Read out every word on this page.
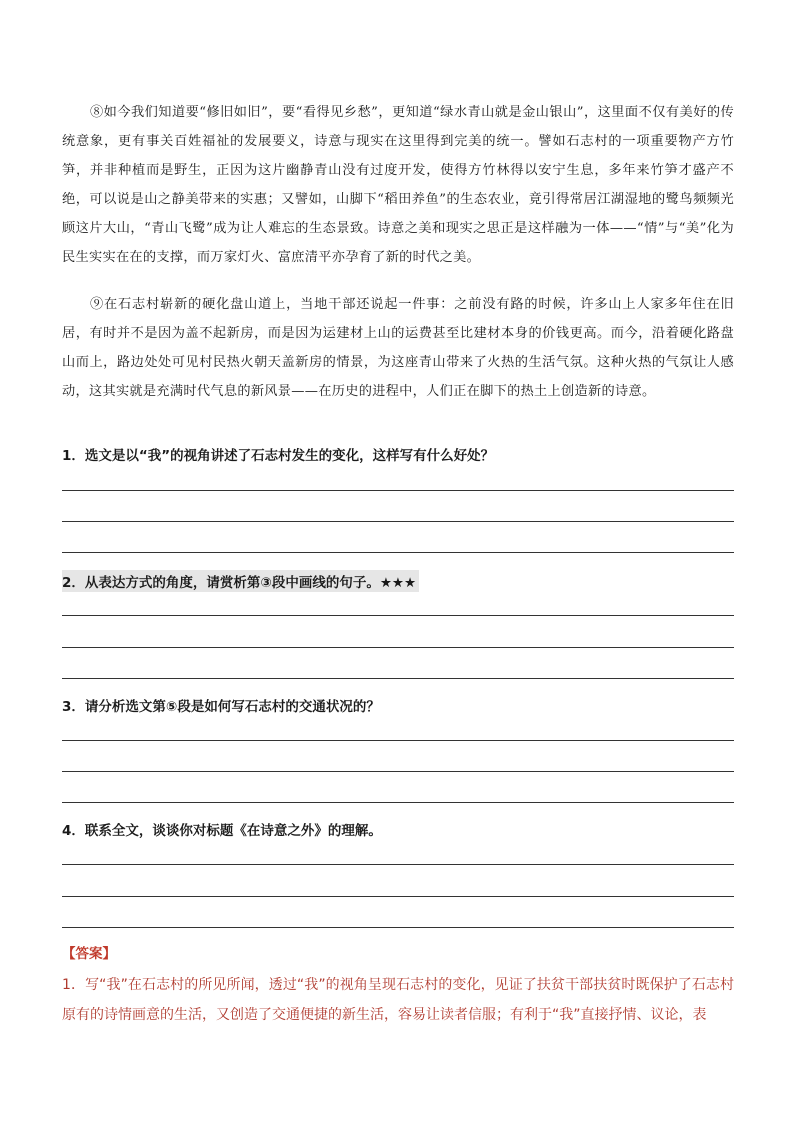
⑧如今我们知道要“修旧如旧”，要“看得见乡愁”，更知道“绿水青山就是金山银山”，这里面不仅有美好的传统意象，更有事关百姓福祉的发展要义，诗意与现实在这里得到完美的统一。譬如石志村的一项重要物产方竹笋，并非种植而是野生，正因为这片幽静青山没有过度开发，使得方竹林得以安宁生息，多年来竹笋才盛产不绝，可以说是山之静美带来的实惠；又譬如，山脚下“稻田养鱼”的生态农业，竟引得常居江湖湿地的鹭鸟频频光顾这片大山，“青山飞鹭”成为让人难忘的生态景致。诗意之美和现实之思正是这样融为一体——“情”与“美”化为民生实实在在的支撑，而万家灯火、富庶清平亦孕育了新的时代之美。

⑨在石志村崭新的硬化盘山道上，当地干部还说起一件事：之前没有路的时候，许多山上人家多年住在旧居，有时并不是因为盖不起新房，而是因为运建材上山的运费甚至比建材本身的价钱更高。而今，沿着硬化路盘山而上，路边处处可见村民热火朝天盖新房的情景，为这座青山带来了火热的生活气氛。这种火热的气氛让人感动，这其实就是充满时代气息的新风景——在历史的进程中，人们正在脚下的热土上创造新的诗意。

1．选文是以“我”的视角讲述了石志村发生的变化，这样写有什么好处？

2．从表达方式的角度，请赏析第③段中画线的句子。★★★

3．请分析选文第⑤段是如何写石志村的交通状况的？

4．联系全文，谈谈你对标题《在诗意之外》的理解。

【答案】

1．写“我”在石志村的所见所闻，透过“我”的视角呈现石志村的变化，见证了扶贫干部扶贫时既保护了石志村原有的诗情画意的生活，又创造了交通便捷的新生活，容易让读者信服；有利于“我”直接抒情、议论，表
